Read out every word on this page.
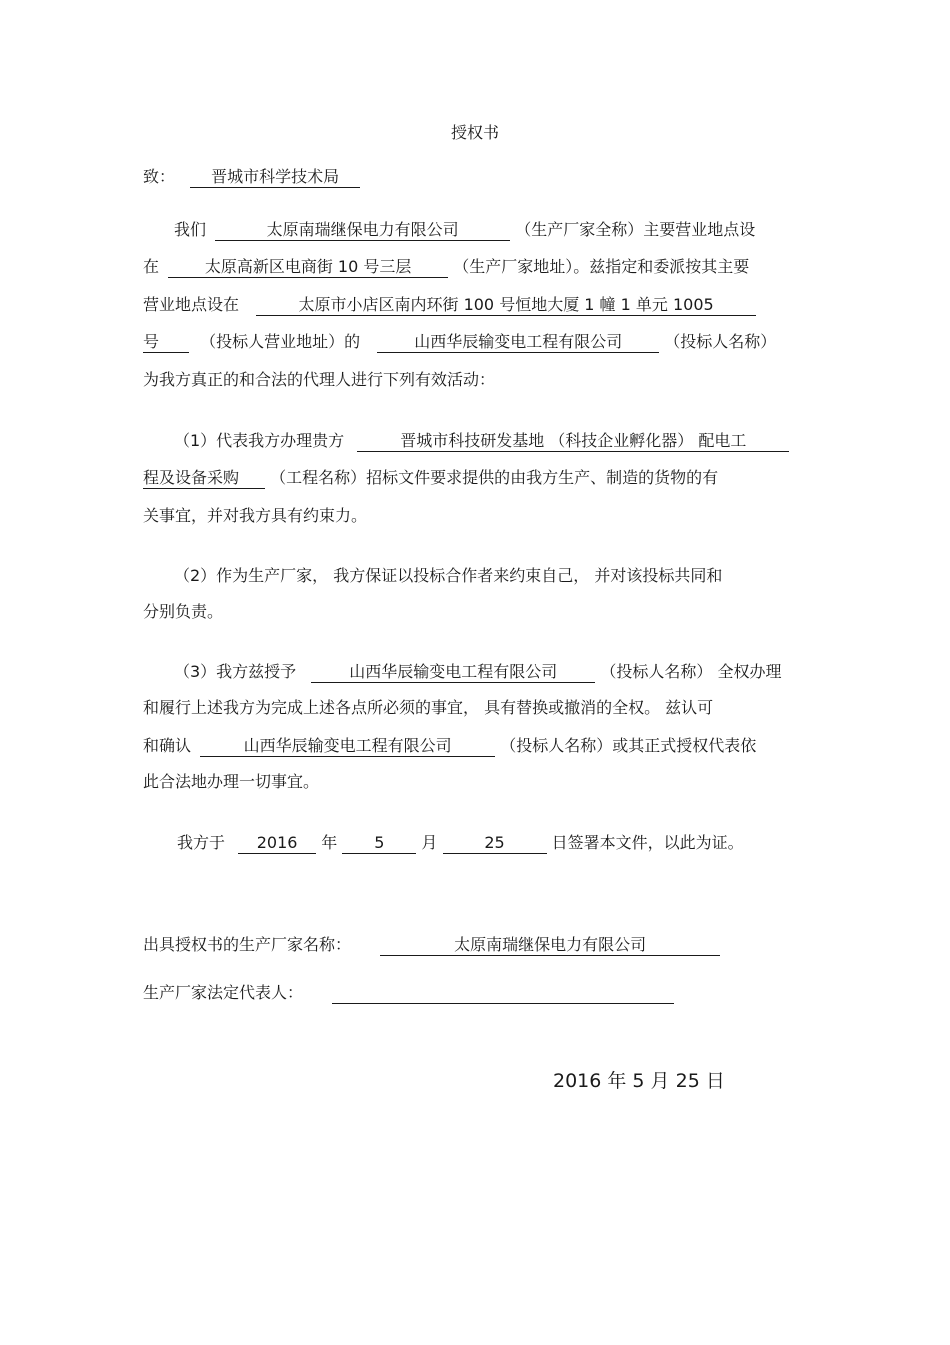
授权书
致： 晋城市科学技术局
我们	太原南瑞继保电力有限公司	（生产厂家全称）主要营业地点设
在	太原高新区电商街 10 号三层	（生产厂家地址）。兹指定和委派按其主要
营业地点设在	太原市小店区南内环街 100 号恒地大厦 1 幢 1 单元 1005
号	（投标人营业地址）的	山西华辰输变电工程有限公司	（投标人名称）
为我方真正的和合法的代理人进行下列有效活动：
（1）代表我方办理贵方	晋城市科技研发基地 （科技企业孵化器） 配电工
程及设备采购 （工程名称）招标文件要求提供的由我方生产、制造的货物的有
关事宜，并对我方具有约束力。
（2）作为生产厂家， 我方保证以投标合作者来约束自己， 并对该投标共同和
分别负责。
（3）我方兹授予	山西华辰输变电工程有限公司	（投标人名称） 全权办理
和履行上述我方为完成上述各点所必须的事宜， 具有替换或撤消的全权。 兹认可
和确认	山西华辰输变电工程有限公司	（投标人名称）或其正式授权代表依
此合法地办理一切事宜。
我方于 2016 年 5 月	25	日签署本文件，以此为证。
出具授权书的生产厂家名称：	太原南瑞继保电力有限公司
生产厂家法定代表人：
2016 年 5 月 25 日
